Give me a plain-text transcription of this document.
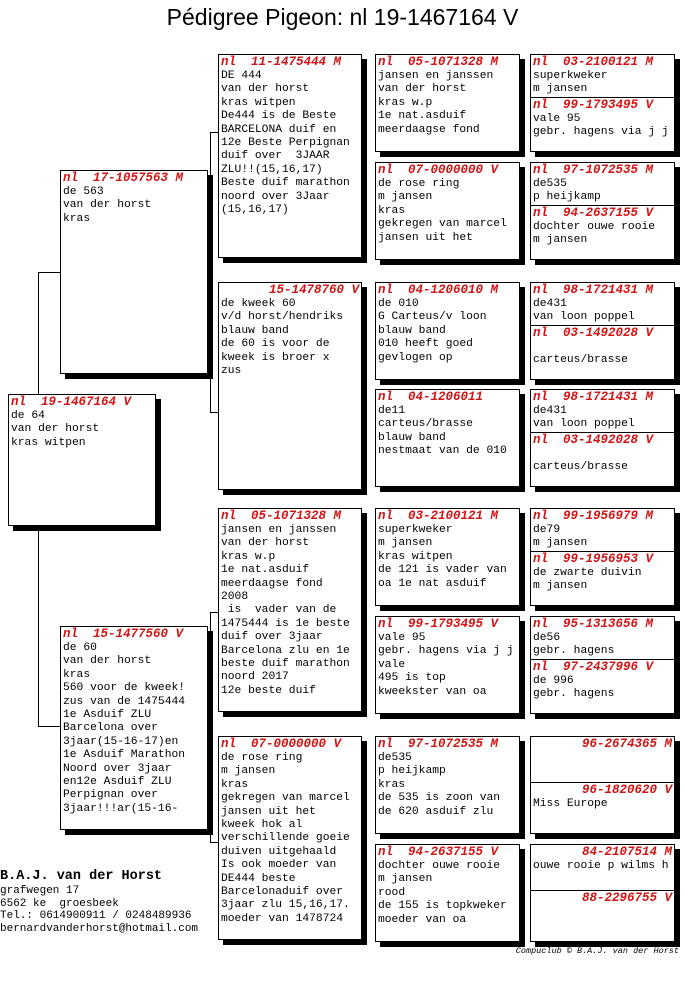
Pédigree Pigeon: nl 19-1467164 V
nl  19-1467164 V
de 64
van der horst
kras witpen
nl  17-1057563 M
de 563
van der horst
kras
nl  15-1477560 V
de 60
van der horst
kras
560 voor de kweek!
zus van de 1475444
1e Asduif ZLU
Barcelona over
3jaar(15-16-17)en
1e Asduif Marathon
Noord over 3jaar
en12e Asduif ZLU
Perpignan over
3jaar!!!ar(15-16-
nl  11-1475444 M
DE 444
van der horst
kras witpen
De444 is de Beste
BARCELONA duif en
12e Beste Perpignan
duif over  3JAAR
ZLU!!(15,16,17)
Beste duif marathon
noord over 3Jaar
(15,16,17)
15-1478760 V
de kweek 60
v/d horst/hendriks
blauw band
de 60 is voor de
kweek is broer x
zus
nl  05-1071328 M
jansen en janssen
van der horst
kras w.p
1e nat.asduif
meerdaagse fond
2008
is  vader van de
1475444 is 1e beste
duif over 3jaar
Barcelona zlu en 1e
beste duif marathon
noord 2017
12e beste duif
nl  07-0000000 V
de rose ring
m jansen
kras
gekregen van marcel
jansen uit het
kweek hok al
verschillende goeie
duiven uitgehaald
Is ook moeder van
DE444 beste
Barcelonaduif over
3jaar zlu 15,16,17.
moeder van 1478724
nl  05-1071328 M
jansen en janssen
van der horst
kras w.p
1e nat.asduif
meerdaagse fond
nl  07-0000000 V
de rose ring
m jansen
kras
gekregen van marcel
jansen uit het
nl  04-1206010 M
de 010
G Carteus/v loon
blauw band
010 heeft goed
gevlogen op
nl  04-1206011
de11
carteus/brasse
blauw band
nestmaat van de 010
nl  03-2100121 M
superkweker
m jansen
kras witpen
de 121 is vader van
oa 1e nat asduif
nl  99-1793495 V
vale 95
gebr. hagens via j j
vale
495 is top
kweekster van oa
nl  97-1072535 M
de535
p heijkamp
kras
de 535 is zoon van
de 620 asduif zlu
nl  94-2637155 V
dochter ouwe rooie
m jansen
rood
de 155 is topkweker
moeder van oa
nl  03-2100121 M
superkweker
m jansen
nl  99-1793495 V
vale 95
gebr. hagens via j j
nl  97-1072535 M
de535
p heijkamp
nl  94-2637155 V
dochter ouwe rooie
m jansen
nl  98-1721431 M
de431
van loon poppel
nl  03-1492028 V
carteus/brasse
nl  98-1721431 M
de431
van loon poppel
nl  03-1492028 V
carteus/brasse
nl  99-1956979 M
de79
m jansen
nl  99-1956953 V
de zwarte duivin
m jansen
nl  95-1313656 M
de56
gebr. hagens
nl  97-2437996 V
de 996
gebr. hagens
96-2674365 M
96-1820620 V
Miss Europe
84-2107514 M
ouwe rooie p wilms h
88-2296755 V
B.A.J. van der Horst
grafwegen 17
6562 ke  groesbeek
Tel.: 0614900911 / 0248489936
bernardvanderhorst@hotmail.com
Compuclub © B.A.J. van der Horst
